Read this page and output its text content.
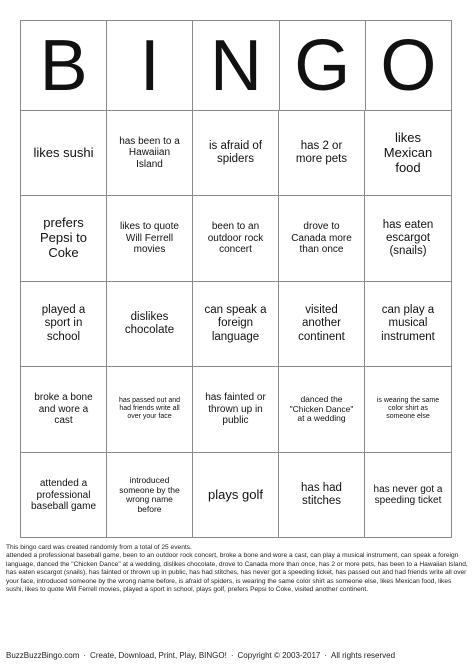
B I N G O
likes sushi
has been to a Hawaiian Island
is afraid of spiders
has 2 or more pets
likes Mexican food
prefers Pepsi to Coke
likes to quote Will Ferrell movies
been to an outdoor rock concert
drove to Canada more than once
has eaten escargot (snails)
played a sport in school
dislikes chocolate
can speak a foreign language
visited another continent
can play a musical instrument
broke a bone and wore a cast
has passed out and had friends write all over your face
has fainted or thrown up in public
danced the "Chicken Dance" at a wedding
is wearing the same color shirt as someone else
attended a professional baseball game
introduced someone by the wrong name before
plays golf	has had stitches
has never got a speeding ticket

This bingo card was created randomly from a total of 25 events.

attended a professional baseball game, been to an outdoor rock concert, broke a bone and wore a cast, can play a musical instrument, can speak a foreign language, danced the "Chicken Dance" at a wedding, dislikes chocolate, drove to Canada more than once, has 2 or more pets, has been to a Hawaiian Island, has eaten escargot (snails), has fainted or thrown up in public, has had stitches, has never got a speeding ticket, has passed out and had friends write all over your face, introduced someone by the wrong name before, is afraid of spiders, is wearing the same color shirt as someone else, likes Mexican food, likes sushi, likes to quote Will Ferrell movies, played a sport in school, plays golf, prefers Pepsi to Coke, visited another continent.

BuzzBuzzBingo.com · Create, Download, Print, Play, BINGO! · Copyright © 2003-2017 · All rights reserved
